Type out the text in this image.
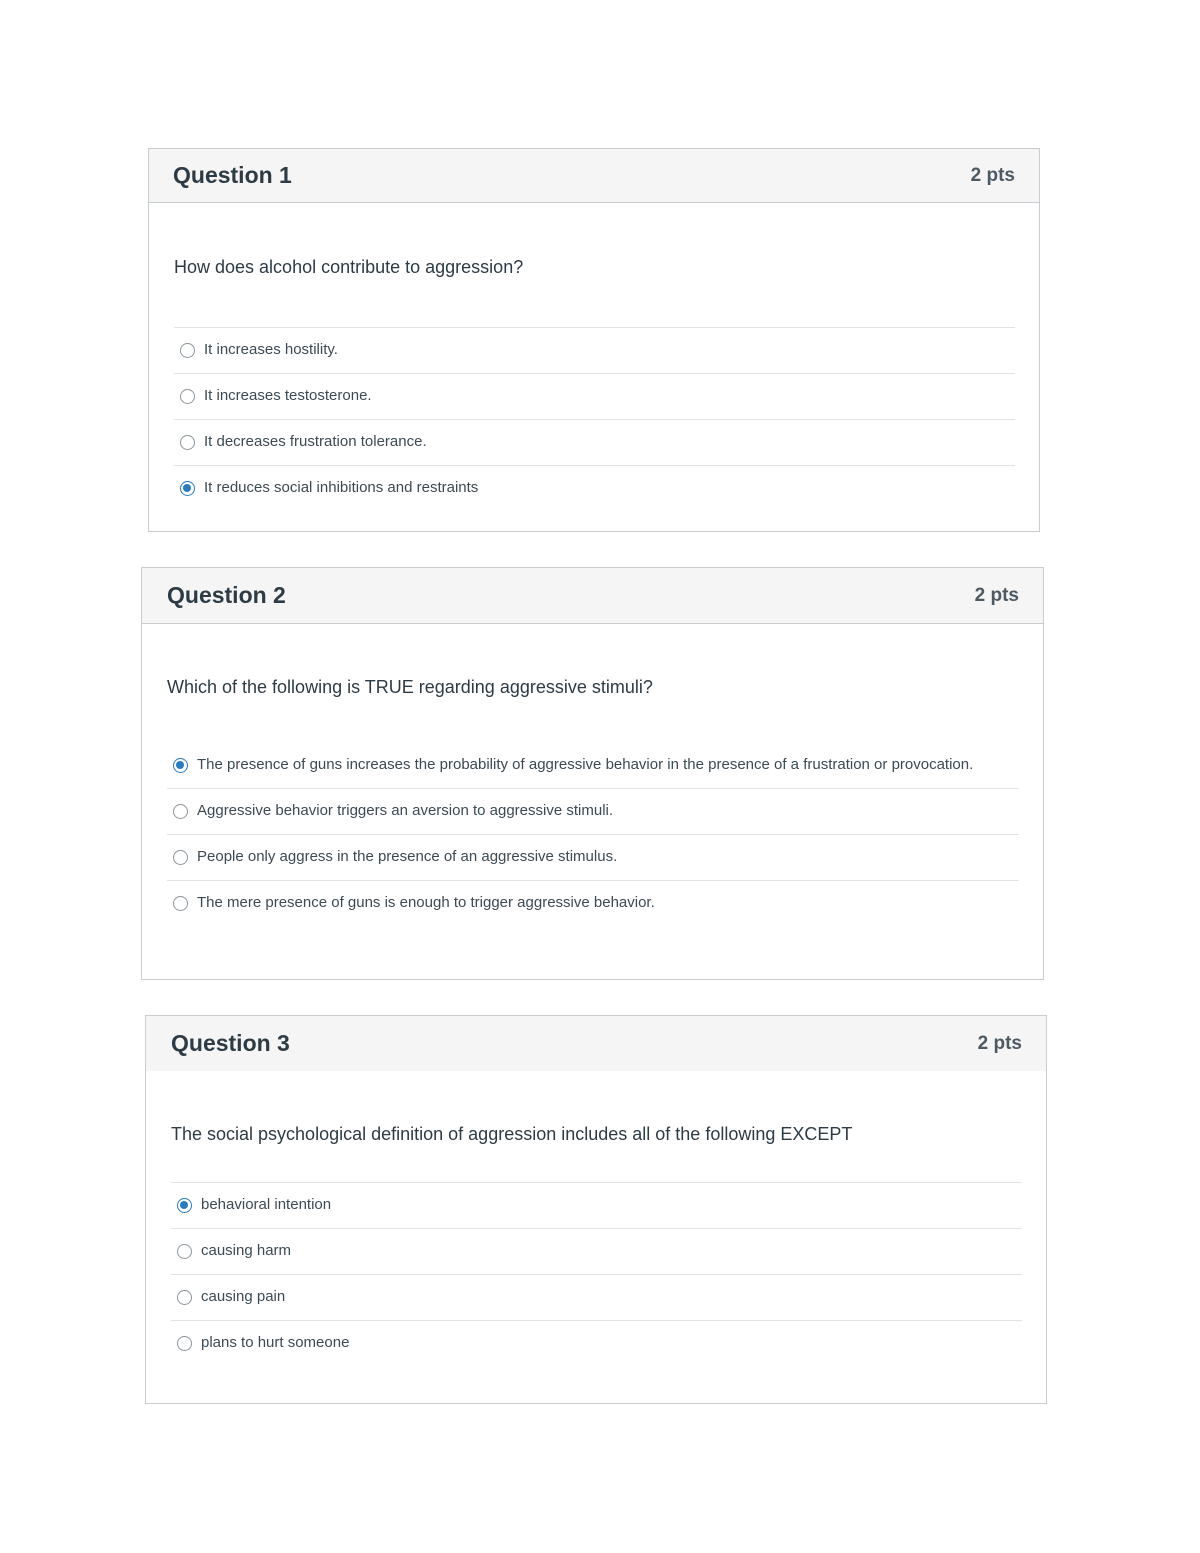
Question 1	2 pts

How does alcohol contribute to aggression?

It increases hostility.
It increases testosterone.
It decreases frustration tolerance.
It reduces social inhibitions and restraints
Question 2	2 pts

Which of the following is TRUE regarding aggressive stimuli?

The presence of guns increases the probability of aggressive behavior in the presence of a frustration or provocation.
Aggressive behavior triggers an aversion to aggressive stimuli.
People only aggress in the presence of an aggressive stimulus.
The mere presence of guns is enough to trigger aggressive behavior.
Question 3	2 pts

The social psychological definition of aggression includes all of the following EXCEPT

behavioral intention
causing harm
causing pain
plans to hurt someone
